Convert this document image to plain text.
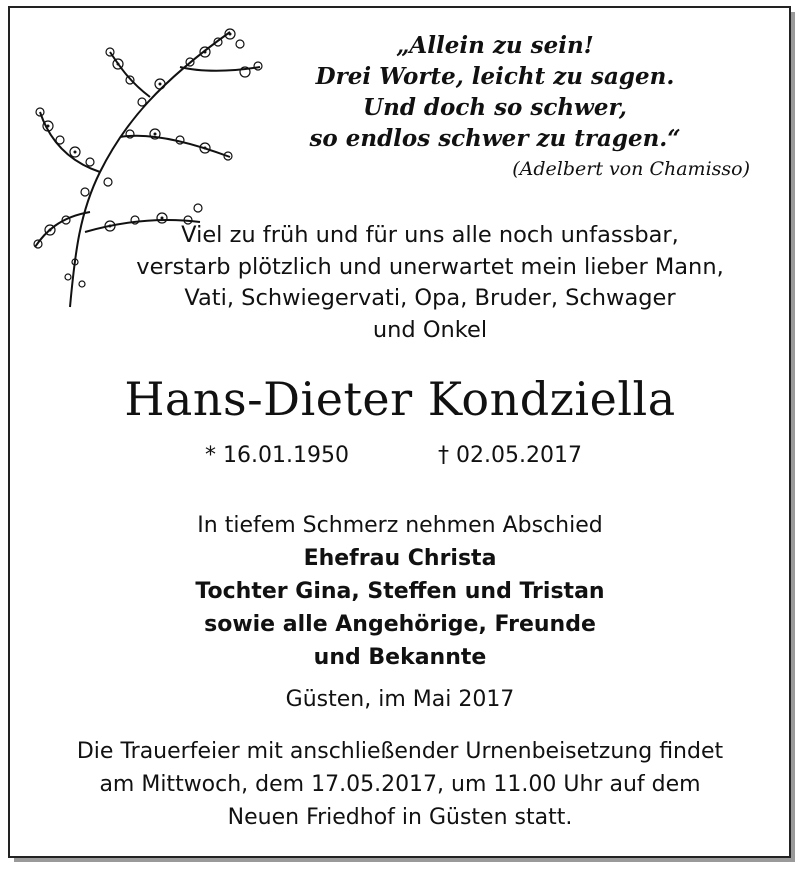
„Allein zu sein!
Drei Worte, leicht zu sagen.
Und doch so schwer,
so endlos schwer zu tragen.“
(Adelbert von Chamisso)
Viel zu früh und für uns alle noch unfassbar,
verstarb plötzlich und unerwartet mein lieber Mann,
Vati, Schwiegervati, Opa, Bruder, Schwager
und Onkel
Hans-Dieter Kondziella
* 16.01.1950	† 02.05.2017
In tiefem Schmerz nehmen Abschied
Ehefrau Christa
Tochter Gina, Steffen und Tristan
sowie alle Angehörige, Freunde
und Bekannte
Güsten, im Mai 2017
Die Trauerfeier mit anschließender Urnenbeisetzung findet
am Mittwoch, dem 17.05.2017, um 11.00 Uhr auf dem
Neuen Friedhof in Güsten statt.
